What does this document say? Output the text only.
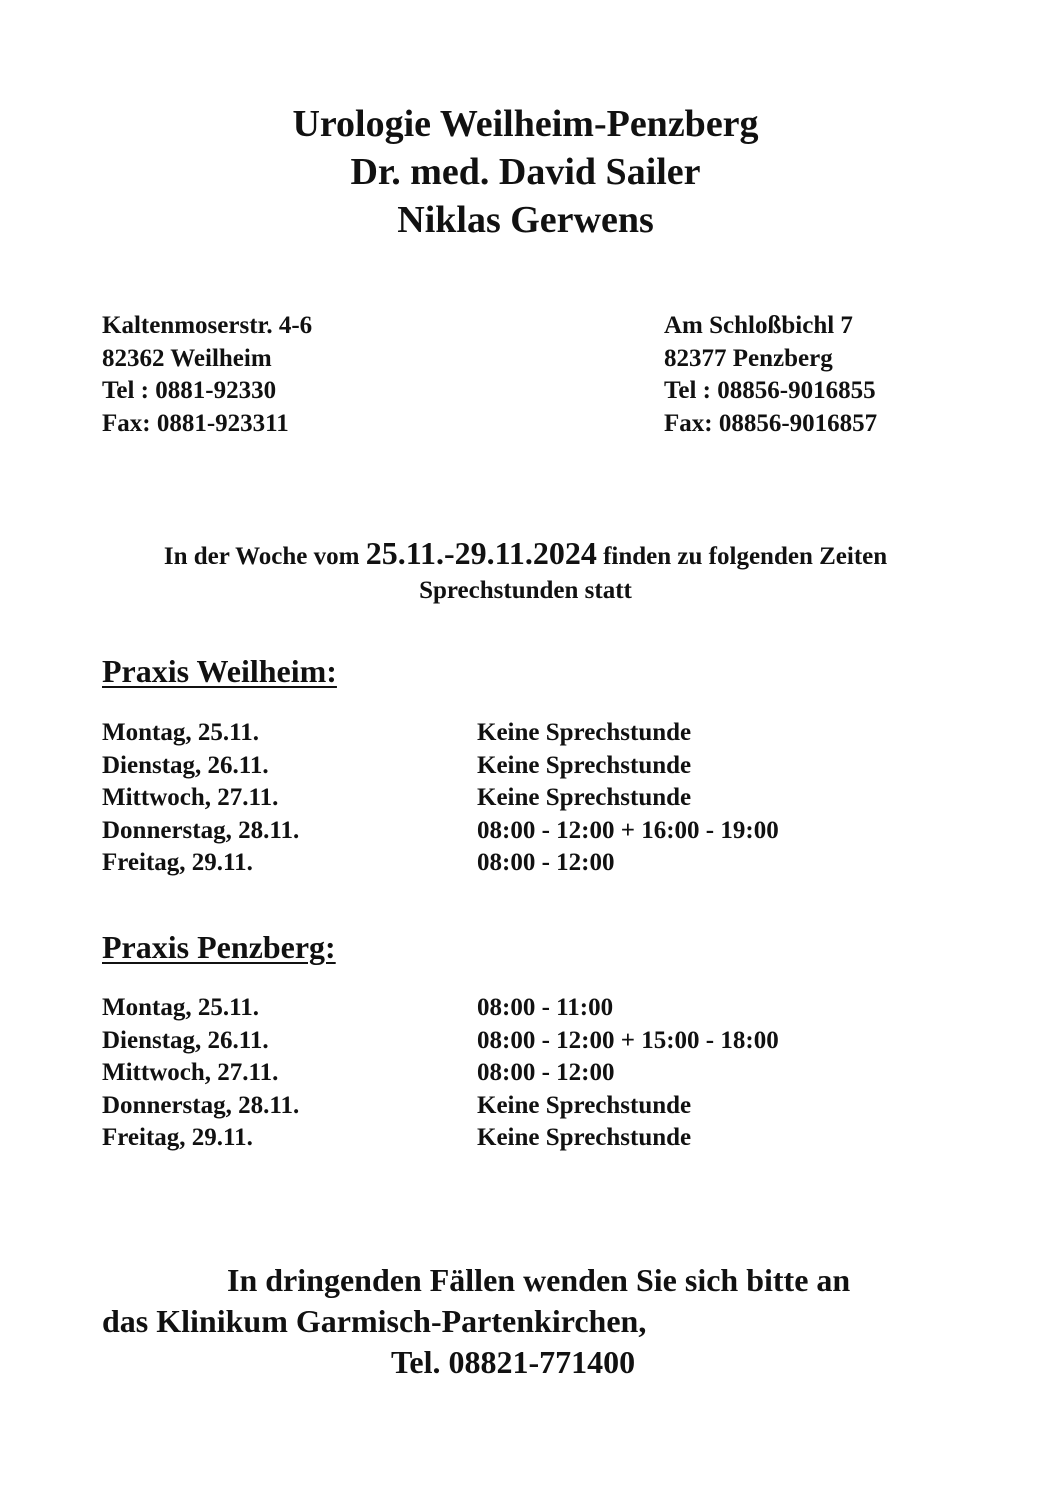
Urologie Weilheim-Penzberg
Dr. med. David Sailer
Niklas Gerwens
Kaltenmoserstr. 4-6
82362 Weilheim
Tel : 0881-92330
Fax: 0881-923311
Am Schloßbichl 7
82377 Penzberg
Tel : 08856-9016855
Fax: 08856-9016857
In der Woche vom 25.11.-29.11.2024 finden zu folgenden Zeiten
Sprechstunden statt
Praxis Weilheim:
Montag, 25.11.	Keine Sprechstunde
Dienstag, 26.11.	Keine Sprechstunde
Mittwoch, 27.11.	Keine Sprechstunde
Donnerstag, 28.11.	08:00 - 12:00 + 16:00 - 19:00
Freitag, 29.11.	08:00 - 12:00
Praxis Penzberg:
Montag, 25.11.	08:00 - 11:00
Dienstag, 26.11.	08:00 - 12:00 + 15:00 - 18:00
Mittwoch, 27.11.	08:00 - 12:00
Donnerstag, 28.11.	Keine Sprechstunde
Freitag, 29.11.	Keine Sprechstunde
In dringenden Fällen wenden Sie sich bitte an
das Klinikum Garmisch-Partenkirchen,
Tel. 08821-771400
